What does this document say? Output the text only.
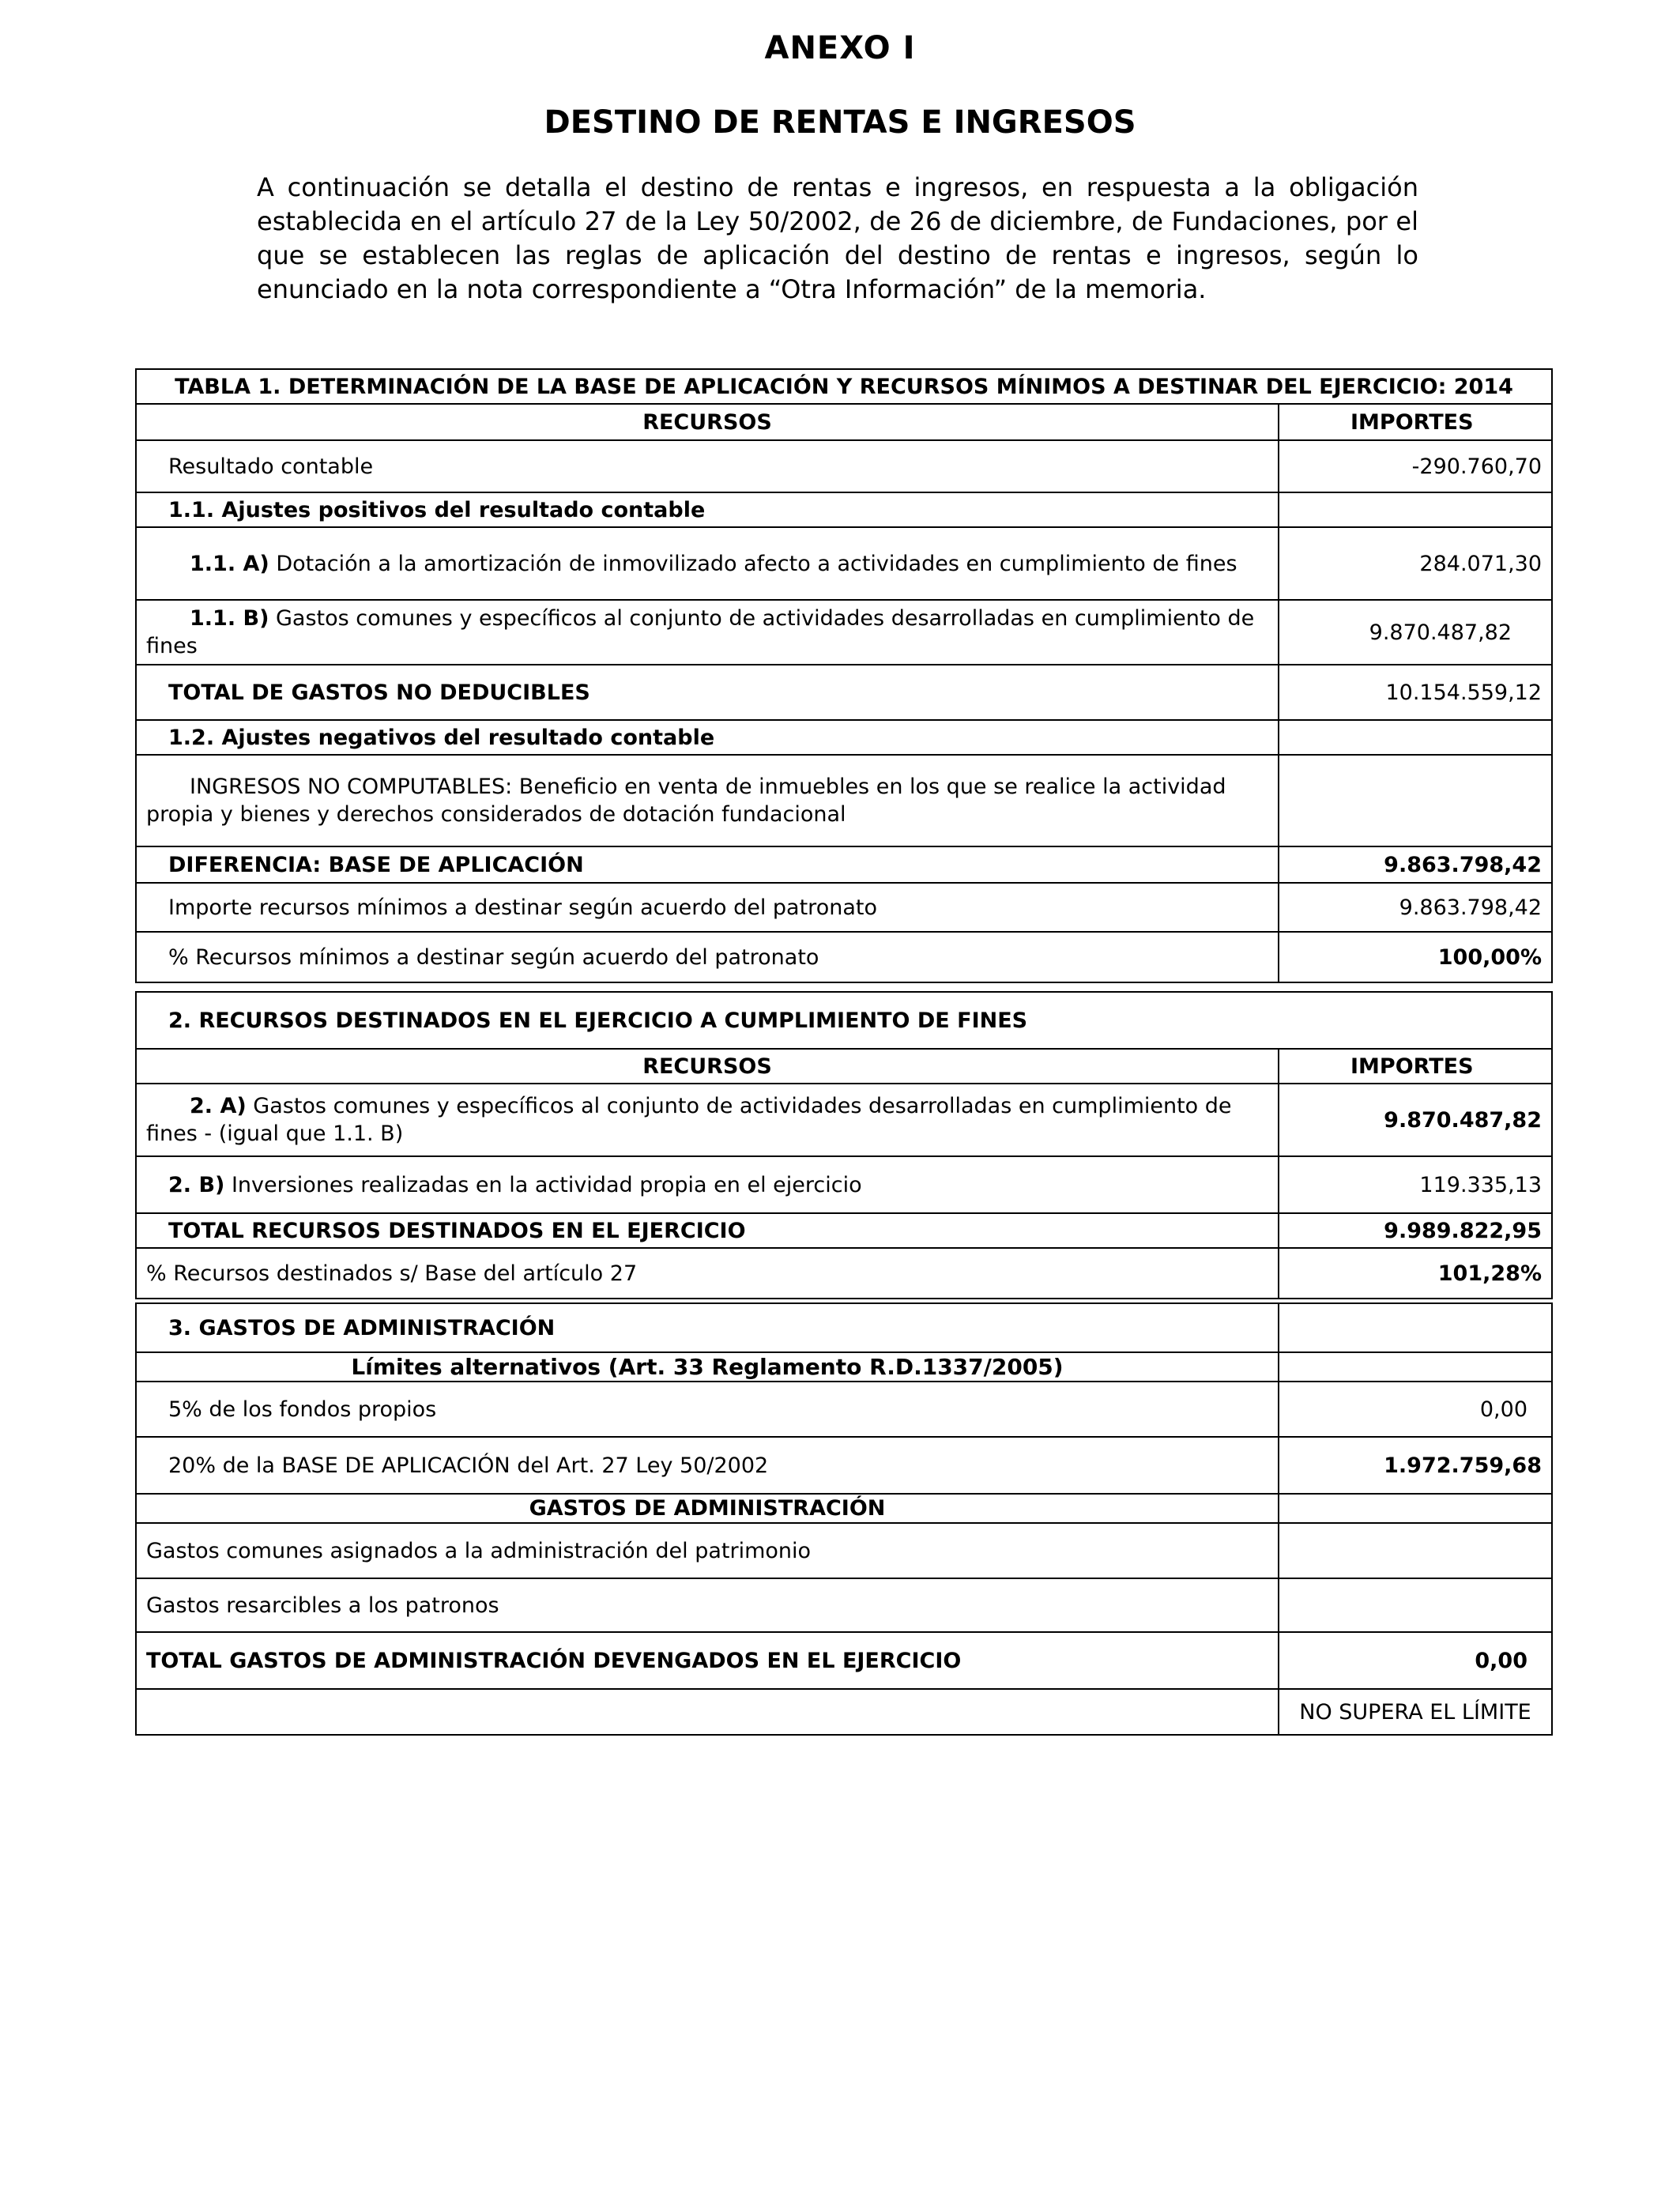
ANEXO I
DESTINO DE RENTAS E INGRESOS
A continuación se detalla el destino de rentas e ingresos, en respuesta a la obligación establecida en el artículo 27 de la Ley 50/2002, de 26 de diciembre, de Fundaciones, por el que se establecen las reglas de aplicación del destino de rentas e ingresos, según lo enunciado en la nota correspondiente a “Otra Información” de la memoria.
TABLA 1. DETERMINACIÓN DE LA BASE DE APLICACIÓN Y RECURSOS MÍNIMOS A DESTINAR DEL EJERCICIO: 2014	
RECURSOS	IMPORTES
Resultado contable	-290.760,70
1.1. Ajustes positivos del resultado contable	
1.1. A) Dotación a la amortización de inmovilizado afecto a actividades en cumplimiento de fines	284.071,30
1.1. B) Gastos comunes y específicos al conjunto de actividades desarrolladas en cumplimiento de fines	9.870.487,82
TOTAL DE GASTOS NO DEDUCIBLES	10.154.559,12
1.2. Ajustes negativos del resultado contable	
INGRESOS NO COMPUTABLES: Beneficio en venta de inmuebles en los que se realice la actividad propia y bienes y derechos considerados de dotación fundacional	
DIFERENCIA: BASE DE APLICACIÓN	9.863.798,42
Importe recursos mínimos a destinar según acuerdo del patronato	9.863.798,42
% Recursos mínimos a destinar según acuerdo del patronato	100,00%
2. RECURSOS DESTINADOS EN EL EJERCICIO A CUMPLIMIENTO DE FINES	
RECURSOS	IMPORTES
2. A) Gastos comunes y específicos al conjunto de actividades desarrolladas en cumplimiento de fines - (igual que 1.1. B)	9.870.487,82
2. B) Inversiones realizadas en la actividad propia en el ejercicio	119.335,13
TOTAL RECURSOS DESTINADOS EN EL EJERCICIO	9.989.822,95
% Recursos destinados s/ Base del artículo 27	101,28%
3. GASTOS DE ADMINISTRACIÓN	
Límites alternativos (Art. 33 Reglamento R.D.1337/2005)	
5% de los fondos propios	0,00
20% de la BASE DE APLICACIÓN del Art. 27 Ley 50/2002	1.972.759,68
GASTOS DE ADMINISTRACIÓN	
Gastos comunes asignados a la administración del patrimonio	
Gastos resarcibles a los patronos	
TOTAL GASTOS DE ADMINISTRACIÓN DEVENGADOS EN EL EJERCICIO	0,00
	NO SUPERA EL LÍMITE
